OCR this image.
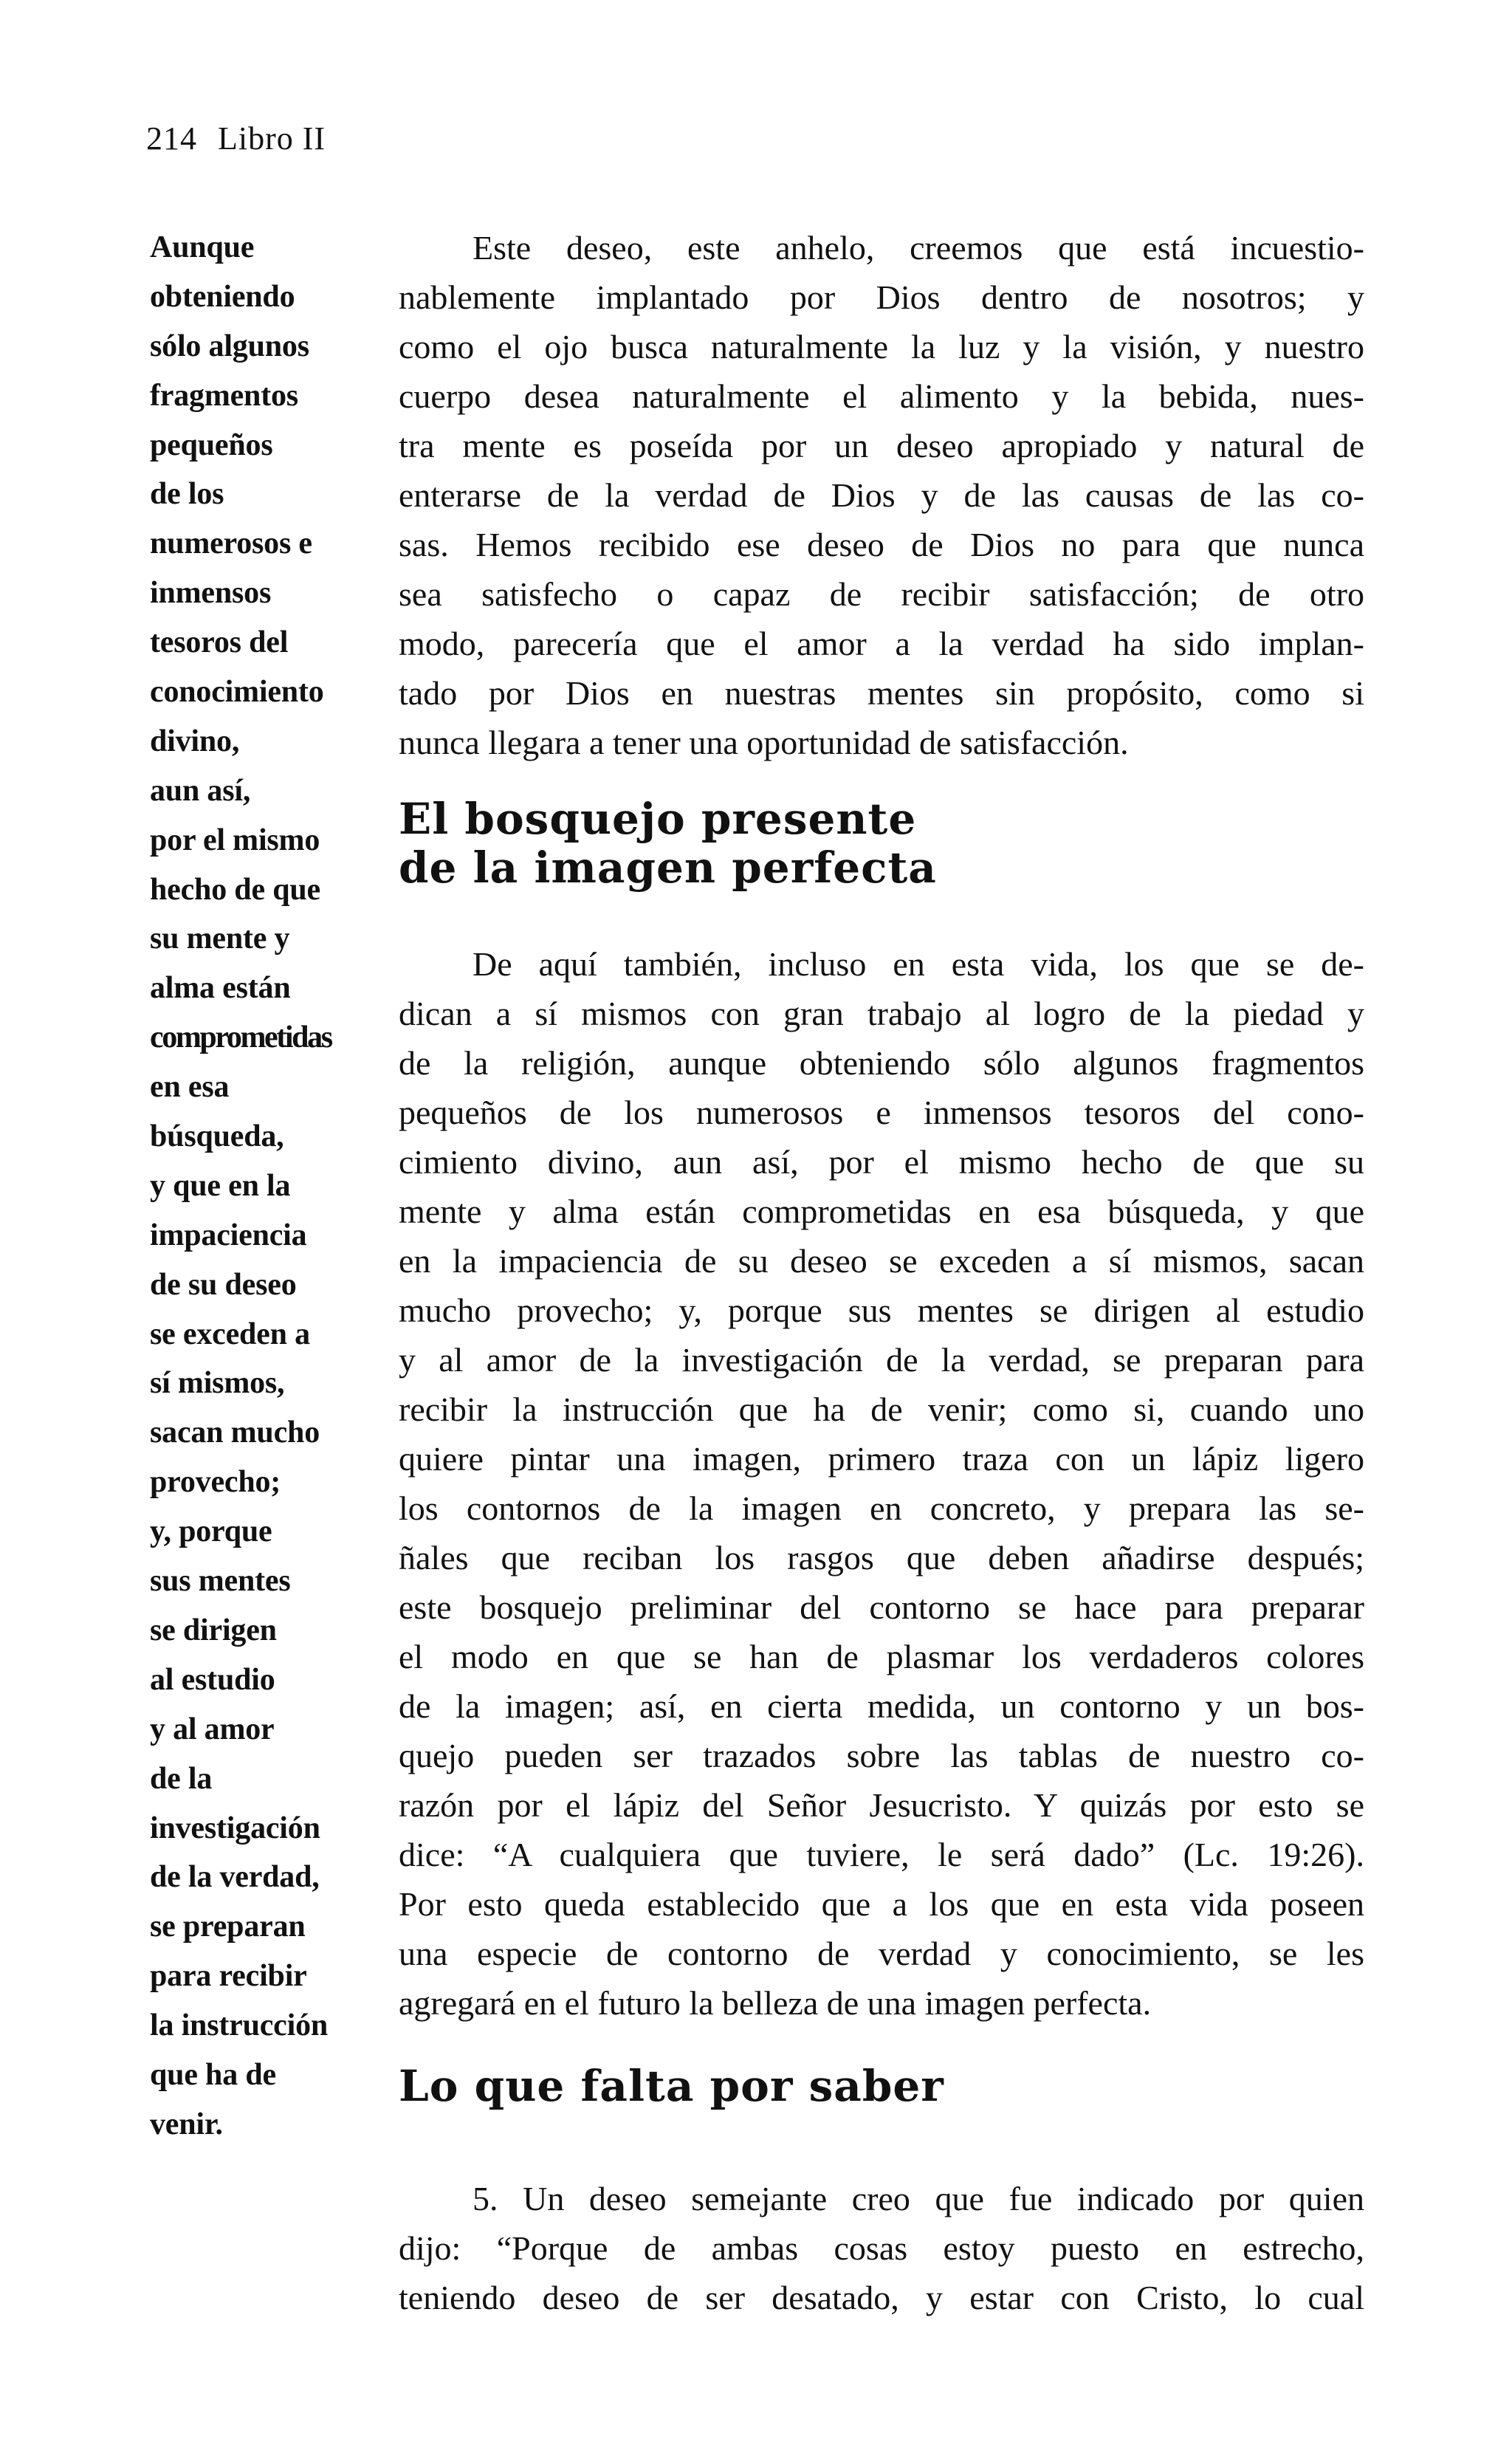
214 Libro II
Aunque
obteniendo
sólo algunos
fragmentos
pequeños
de los
numerosos e
inmensos
tesoros del
conocimiento
divino,
aun así,
por el mismo
hecho de que
su mente y
alma están
comprometidas
en esa
búsqueda,
y que en la
impaciencia
de su deseo
se exceden a
sí mismos,
sacan mucho
provecho;
y, porque
sus mentes
se dirigen
al estudio
y al amor
de la
investigación
de la verdad,
se preparan
para recibir
la instrucción
que ha de
venir.
Este deseo, este anhelo, creemos que está incuestio-
nablemente implantado por Dios dentro de nosotros; y
como el ojo busca naturalmente la luz y la visión, y nuestro
cuerpo desea naturalmente el alimento y la bebida, nues-
tra mente es poseída por un deseo apropiado y natural de
enterarse de la verdad de Dios y de las causas de las co-
sas. Hemos recibido ese deseo de Dios no para que nunca
sea satisfecho o capaz de recibir satisfacción; de otro
modo, parecería que el amor a la verdad ha sido implan-
tado por Dios en nuestras mentes sin propósito, como si
nunca llegara a tener una oportunidad de satisfacción.
El bosquejo presente
de la imagen perfecta
De aquí también, incluso en esta vida, los que se de-
dican a sí mismos con gran trabajo al logro de la piedad y
de la religión, aunque obteniendo sólo algunos fragmentos
pequeños de los numerosos e inmensos tesoros del cono-
cimiento divino, aun así, por el mismo hecho de que su
mente y alma están comprometidas en esa búsqueda, y que
en la impaciencia de su deseo se exceden a sí mismos, sacan
mucho provecho; y, porque sus mentes se dirigen al estudio
y al amor de la investigación de la verdad, se preparan para
recibir la instrucción que ha de venir; como si, cuando uno
quiere pintar una imagen, primero traza con un lápiz ligero
los contornos de la imagen en concreto, y prepara las se-
ñales que reciban los rasgos que deben añadirse después;
este bosquejo preliminar del contorno se hace para preparar
el modo en que se han de plasmar los verdaderos colores
de la imagen; así, en cierta medida, un contorno y un bos-
quejo pueden ser trazados sobre las tablas de nuestro co-
razón por el lápiz del Señor Jesucristo. Y quizás por esto se
dice: “A cualquiera que tuviere, le será dado” (Lc. 19:26).
Por esto queda establecido que a los que en esta vida poseen
una especie de contorno de verdad y conocimiento, se les
agregará en el futuro la belleza de una imagen perfecta.
Lo que falta por saber
5. Un deseo semejante creo que fue indicado por quien
dijo: “Porque de ambas cosas estoy puesto en estrecho,
teniendo deseo de ser desatado, y estar con Cristo, lo cual
